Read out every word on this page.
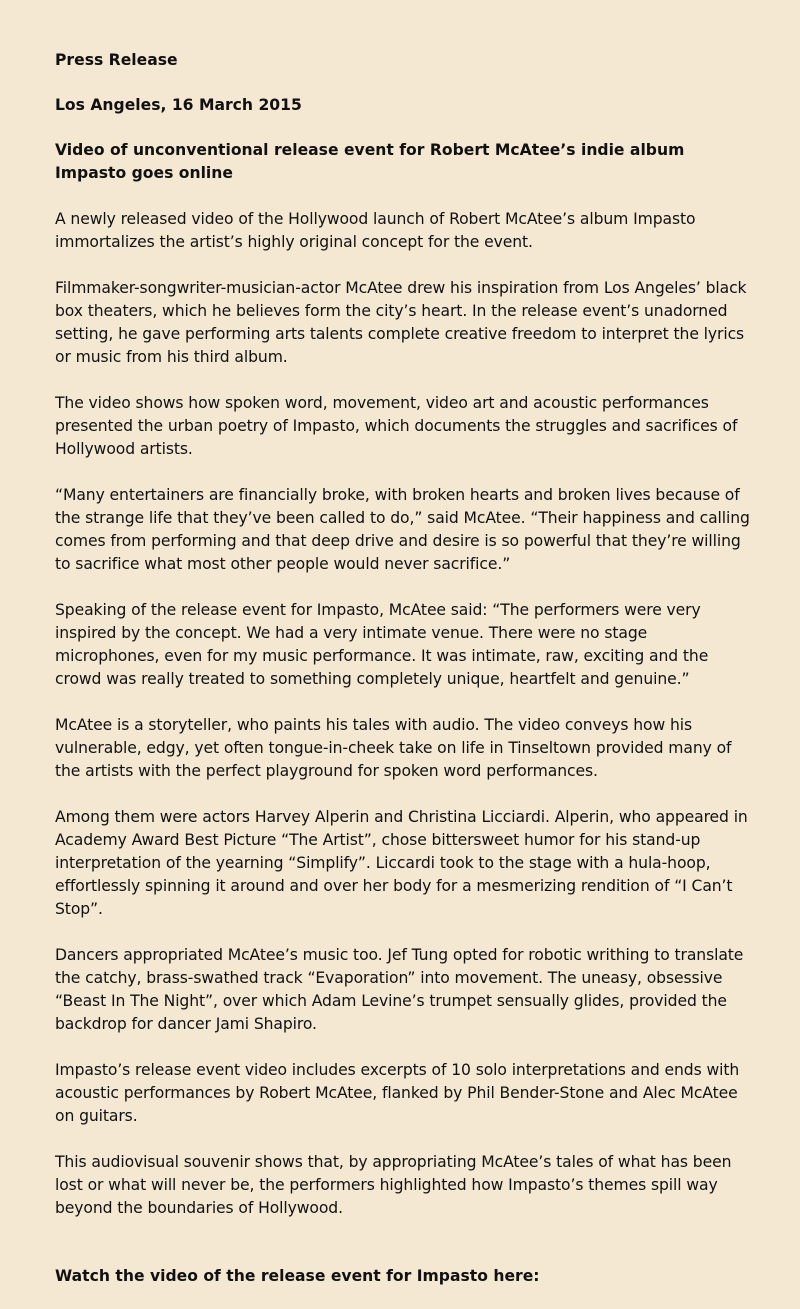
Press Release
Los Angeles, 16 March 2015
Video of unconventional release event for Robert McAtee’s indie album Impasto goes online
A newly released video of the Hollywood launch of Robert McAtee’s album Impasto immortalizes the artist’s highly original concept for the event.
Filmmaker-songwriter-musician-actor McAtee drew his inspiration from Los Angeles’ black box theaters, which he believes form the city’s heart. In the release event’s unadorned setting, he gave performing arts talents complete creative freedom to interpret the lyrics or music from his third album.
The video shows how spoken word, movement, video art and acoustic performances presented the urban poetry of Impasto, which documents the struggles and sacrifices of Hollywood artists.
“Many entertainers are financially broke, with broken hearts and broken lives because of the strange life that they’ve been called to do,” said McAtee. “Their happiness and calling comes from performing and that deep drive and desire is so powerful that they’re willing to sacrifice what most other people would never sacrifice.”
Speaking of the release event for Impasto, McAtee said: “The performers were very inspired by the concept. We had a very intimate venue. There were no stage microphones, even for my music performance. It was intimate, raw, exciting and the crowd was really treated to something completely unique, heartfelt and genuine.”
McAtee is a storyteller, who paints his tales with audio. The video conveys how his vulnerable, edgy, yet often tongue-in-cheek take on life in Tinseltown provided many of the artists with the perfect playground for spoken word performances.
Among them were actors Harvey Alperin and Christina Licciardi. Alperin, who appeared in Academy Award Best Picture “The Artist”, chose bittersweet humor for his stand-up interpretation of the yearning “Simplify”. Liccardi took to the stage with a hula-hoop, effortlessly spinning it around and over her body for a mesmerizing rendition of “I Can’t Stop”.
Dancers appropriated McAtee’s music too. Jef Tung opted for robotic writhing to translate the catchy, brass-swathed track “Evaporation” into movement. The uneasy, obsessive “Beast In The Night”, over which Adam Levine’s trumpet sensually glides, provided the backdrop for dancer Jami Shapiro.
Impasto’s release event video includes excerpts of 10 solo interpretations and ends with acoustic performances by Robert McAtee, flanked by Phil Bender-Stone and Alec McAtee on guitars.
This audiovisual souvenir shows that, by appropriating McAtee’s tales of what has been lost or what will never be, the performers highlighted how Impasto’s themes spill way beyond the boundaries of Hollywood.
Watch the video of the release event for Impasto here:
